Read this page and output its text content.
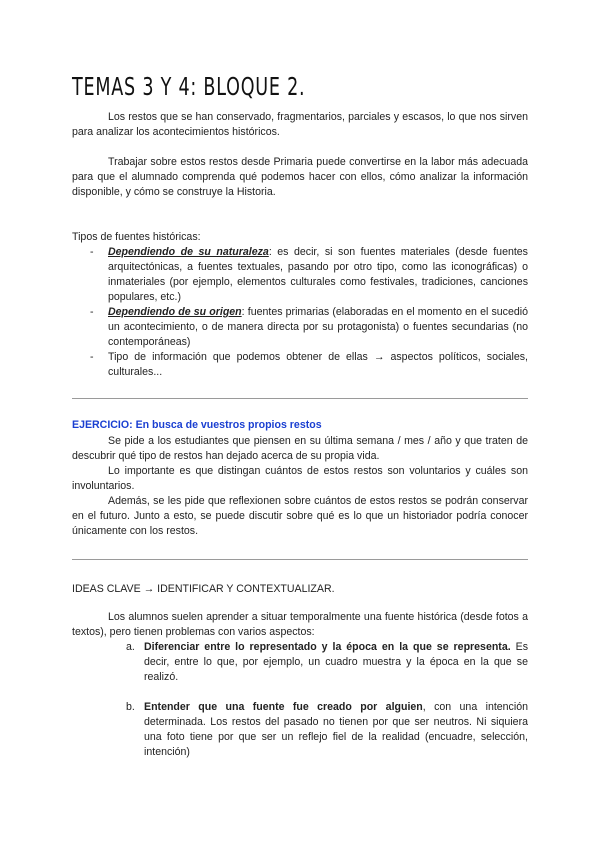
TEMAS 3 Y 4: BLOQUE 2.

Los restos que se han conservado, fragmentarios, parciales y escasos, lo que nos sirven para analizar los acontecimientos históricos.

Trabajar sobre estos restos desde Primaria puede convertirse en la labor más adecuada para que el alumnado comprenda qué podemos hacer con ellos, cómo analizar la información disponible, y cómo se construye la Historia.

Tipos de fuentes históricas:

- Dependiendo de su naturaleza: es decir, si son fuentes materiales (desde fuentes arquitectónicas, a fuentes textuales, pasando por otro tipo, como las iconográficas) o inmateriales (por ejemplo, elementos culturales como festivales, tradiciones, canciones populares, etc.)
- Dependiendo de su origen: fuentes primarias (elaboradas en el momento en el sucedió un acontecimiento, o de manera directa por su protagonista) o fuentes secundarias (no contemporáneas)
- Tipo de información que podemos obtener de ellas → aspectos políticos, sociales, culturales...

EJERCICIO: En busca de vuestros propios restos

Se pide a los estudiantes que piensen en su última semana / mes / año y que traten de descubrir qué tipo de restos han dejado acerca de su propia vida.

Lo importante es que distingan cuántos de estos restos son voluntarios y cuáles son involuntarios.

Además, se les pide que reflexionen sobre cuántos de estos restos se podrán conservar en el futuro. Junto a esto, se puede discutir sobre qué es lo que un historiador podría conocer únicamente con los restos.

IDEAS CLAVE → IDENTIFICAR Y CONTEXTUALIZAR.

Los alumnos suelen aprender a situar temporalmente una fuente histórica (desde fotos a textos), pero tienen problemas con varios aspectos:

a. Diferenciar entre lo representado y la época en la que se representa. Es decir, entre lo que, por ejemplo, un cuadro muestra y la época en la que se realizó.
b. Entender que una fuente fue creado por alguien, con una intención determinada. Los restos del pasado no tienen por que ser neutros. Ni siquiera una foto tiene por que ser un reflejo fiel de la realidad (encuadre, selección, intención)
